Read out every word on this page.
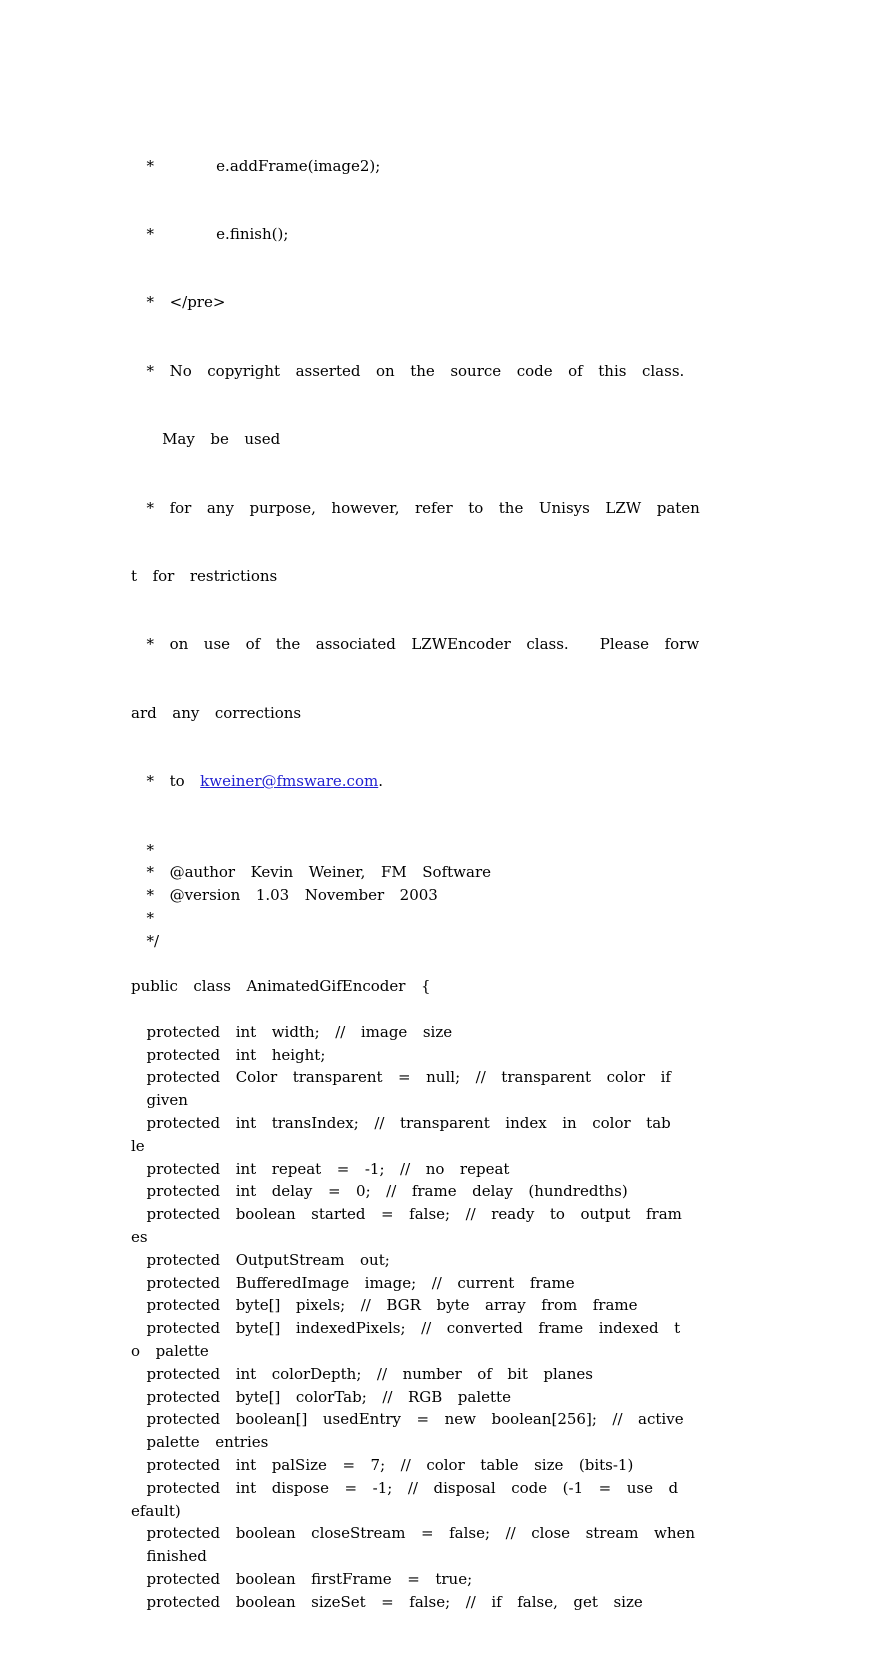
*        e.addFrame(image2);

*        e.finish();

*  </pre>

*  No  copyright  asserted  on  the  source  code  of  this  class.

May  be  used

*  for  any  purpose,  however,  refer  to  the  Unisys  LZW  paten

t  for  restrictions

*  on  use  of  the  associated  LZWEncoder  class.    Please  forw

ard  any  corrections

*  to  kweiner@fmsware.com.

*
*  @author  Kevin  Weiner,  FM  Software
*  @version  1.03  November  2003
*
*/
public  class  AnimatedGifEncoder  {
protected  int  width;  //  image  size
protected  int  height;
protected  Color  transparent  =  null;  //  transparent  color  if
given
protected  int  transIndex;  //  transparent  index  in  color  tab
le
protected  int  repeat  =  -1;  //  no  repeat
protected  int  delay  =  0;  //  frame  delay  (hundredths)
protected  boolean  started  =  false;  //  ready  to  output  fram
es
protected  OutputStream  out;
protected  BufferedImage  image;  //  current  frame
protected  byte[]  pixels;  //  BGR  byte  array  from  frame
protected  byte[]  indexedPixels;  //  converted  frame  indexed  t
o  palette
protected  int  colorDepth;  //  number  of  bit  planes
protected  byte[]  colorTab;  //  RGB  palette
protected  boolean[]  usedEntry  =  new  boolean[256];  //  active
palette  entries
protected  int  palSize  =  7;  //  color  table  size  (bits-1)
protected  int  dispose  =  -1;  //  disposal  code  (-1  =  use  d
efault)
protected  boolean  closeStream  =  false;  //  close  stream  when
finished
protected  boolean  firstFrame  =  true;
protected  boolean  sizeSet  =  false;  //  if  false,  get  size
